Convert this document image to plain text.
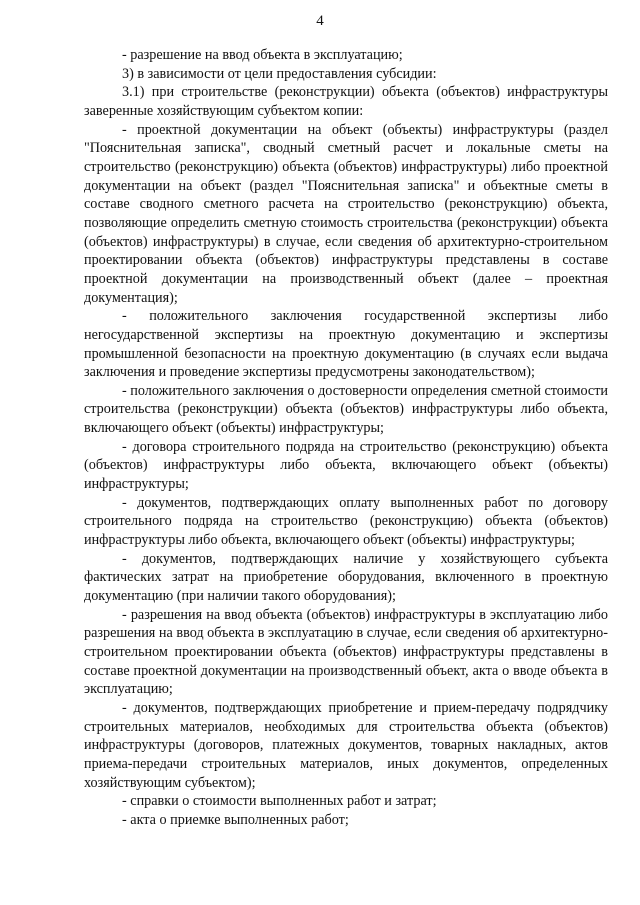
4

- разрешение на ввод объекта в эксплуатацию;

3) в зависимости от цели предоставления субсидии:

3.1) при строительстве (реконструкции) объекта (объектов) инфраструктуры заверенные хозяйствующим субъектом копии:

- проектной документации на объект (объекты) инфраструктуры (раздел "Пояснительная записка", сводный сметный расчет и локальные сметы на строительство (реконструкцию) объекта (объектов) инфраструктуры) либо проектной документации на объект (раздел "Пояснительная записка" и объектные сметы в составе сводного сметного расчета на строительство (реконструкцию) объекта, позволяющие определить сметную стоимость строительства (реконструкции) объекта (объектов) инфраструктуры) в случае, если сведения об архитектурно-строительном проектировании объекта (объектов) инфраструктуры представлены в составе проектной документации на производственный объект (далее – проектная документация);

- положительного заключения государственной экспертизы либо негосударственной экспертизы на проектную документацию и экспертизы промышленной безопасности на проектную документацию (в случаях если выдача заключения и проведение экспертизы предусмотрены законодательством);

- положительного заключения о достоверности определения сметной стоимости строительства (реконструкции) объекта (объектов) инфраструктуры либо объекта, включающего объект (объекты) инфраструктуры;

- договора строительного подряда на строительство (реконструкцию) объекта (объектов) инфраструктуры либо объекта, включающего объект (объекты) инфраструктуры;

- документов, подтверждающих оплату выполненных работ по договору строительного подряда на строительство (реконструкцию) объекта (объектов) инфраструктуры либо объекта, включающего объект (объекты) инфраструктуры;

- документов, подтверждающих наличие у хозяйствующего субъекта фактических затрат на приобретение оборудования, включенного в проектную документацию (при наличии такого оборудования);

- разрешения на ввод объекта (объектов) инфраструктуры в эксплуатацию либо разрешения на ввод объекта в эксплуатацию в случае, если сведения об архитектурно-строительном проектировании объекта (объектов) инфраструктуры представлены в составе проектной документации на производственный объект, акта о вводе объекта в эксплуатацию;

- документов, подтверждающих приобретение и прием-передачу подрядчику строительных материалов, необходимых для строительства объекта (объектов) инфраструктуры (договоров, платежных документов, товарных накладных, актов приема-передачи строительных материалов, иных документов, определенных хозяйствующим субъектом);

- справки о стоимости выполненных работ и затрат;

- акта о приемке выполненных работ;
